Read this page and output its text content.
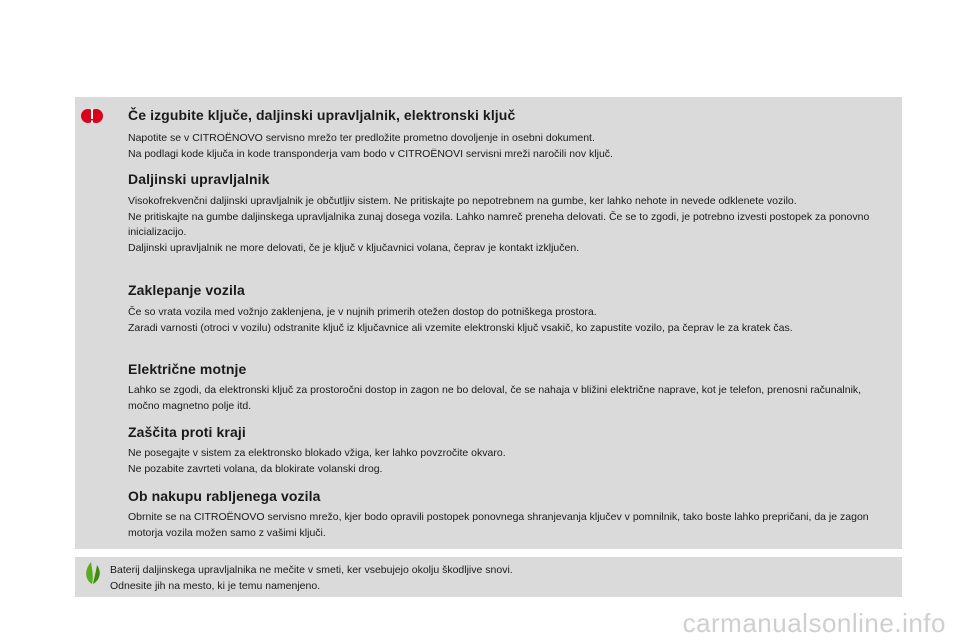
Če izgubite ključe, daljinski upravljalnik, elektronski ključ

Napotite se v CITROËNOVO servisno mrežo ter predložite prometno dovoljenje in osebni dokument.
Na podlagi kode ključa in kode transponderja vam bodo v CITROËNOVI servisni mreži naročili nov ključ.

Daljinski upravljalnik

Visokofrekvenčni daljinski upravljalnik je občutljiv sistem. Ne pritiskajte po nepotrebnem na gumbe, ker lahko nehote in nevede odklenete vozilo.
Ne pritiskajte na gumbe daljinskega upravljalnika zunaj dosega vozila. Lahko namreč preneha delovati. Če se to zgodi, je potrebno izvesti postopek za ponovno inicializacijo.
Daljinski upravljalnik ne more delovati, če je ključ v ključavnici volana, čeprav je kontakt izključen.

Zaklepanje vozila

Če so vrata vozila med vožnjo zaklenjena, je v nujnih primerih otežen dostop do potniškega prostora.
Zaradi varnosti (otroci v vozilu) odstranite ključ iz ključavnice ali vzemite elektronski ključ vsakič, ko zapustite vozilo, pa čeprav le za kratek čas.

Električne motnje

Lahko se zgodi, da elektronski ključ za prostoročni dostop in zagon ne bo deloval, če se nahaja v bližini električne naprave, kot je telefon, prenosni računalnik, močno magnetno polje itd.

Zaščita proti kraji

Ne posegajte v sistem za elektronsko blokado vžiga, ker lahko povzročite okvaro.
Ne pozabite zavrteti volana, da blokirate volanski drog.

Ob nakupu rabljenega vozila

Obrnite se na CITROËNOVO servisno mrežo, kjer bodo opravili postopek ponovnega shranjevanja ključev v pomnilnik, tako boste lahko prepričani, da je zagon motorja vozila možen samo z vašimi ključi.

Baterij daljinskega upravljalnika ne mečite v smeti, ker vsebujejo okolju škodljive snovi.
Odnesite jih na mesto, ki je temu namenjeno.

carmanualsonline.info
